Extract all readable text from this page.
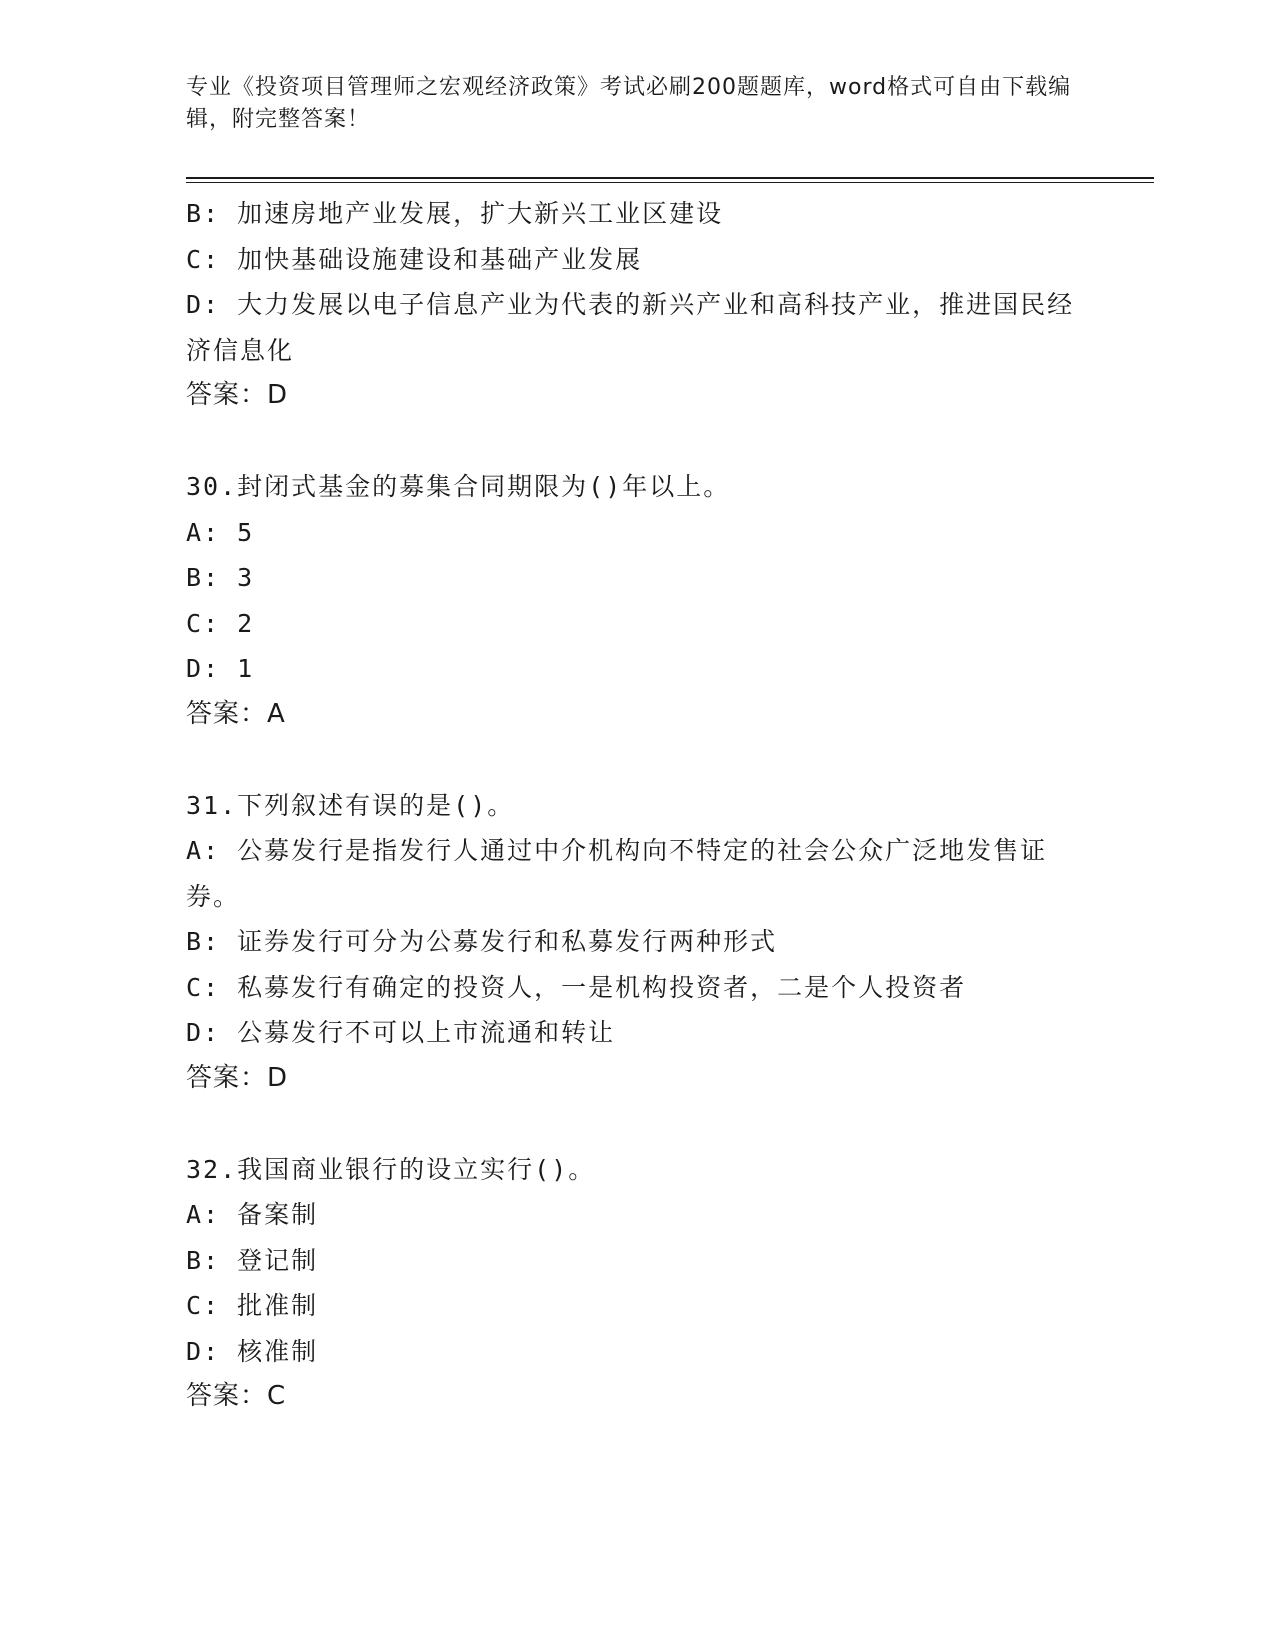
专业《投资项目管理师之宏观经济政策》考试必刷200题题库，word格式可自由下载编辑，附完整答案！
B: 加速房地产业发展，扩大新兴工业区建设
C: 加快基础设施建设和基础产业发展
D: 大力发展以电子信息产业为代表的新兴产业和高科技产业，推进国民经济信息化
答案：D
30.封闭式基金的募集合同期限为()年以上。
A: 5
B: 3
C: 2
D: 1
答案：A
31.下列叙述有误的是()。
A: 公募发行是指发行人通过中介机构向不特定的社会公众广泛地发售证券。
B: 证券发行可分为公募发行和私募发行两种形式
C: 私募发行有确定的投资人，一是机构投资者，二是个人投资者
D: 公募发行不可以上市流通和转让
答案：D
32.我国商业银行的设立实行()。
A: 备案制
B: 登记制
C: 批准制
D: 核准制
答案：C
